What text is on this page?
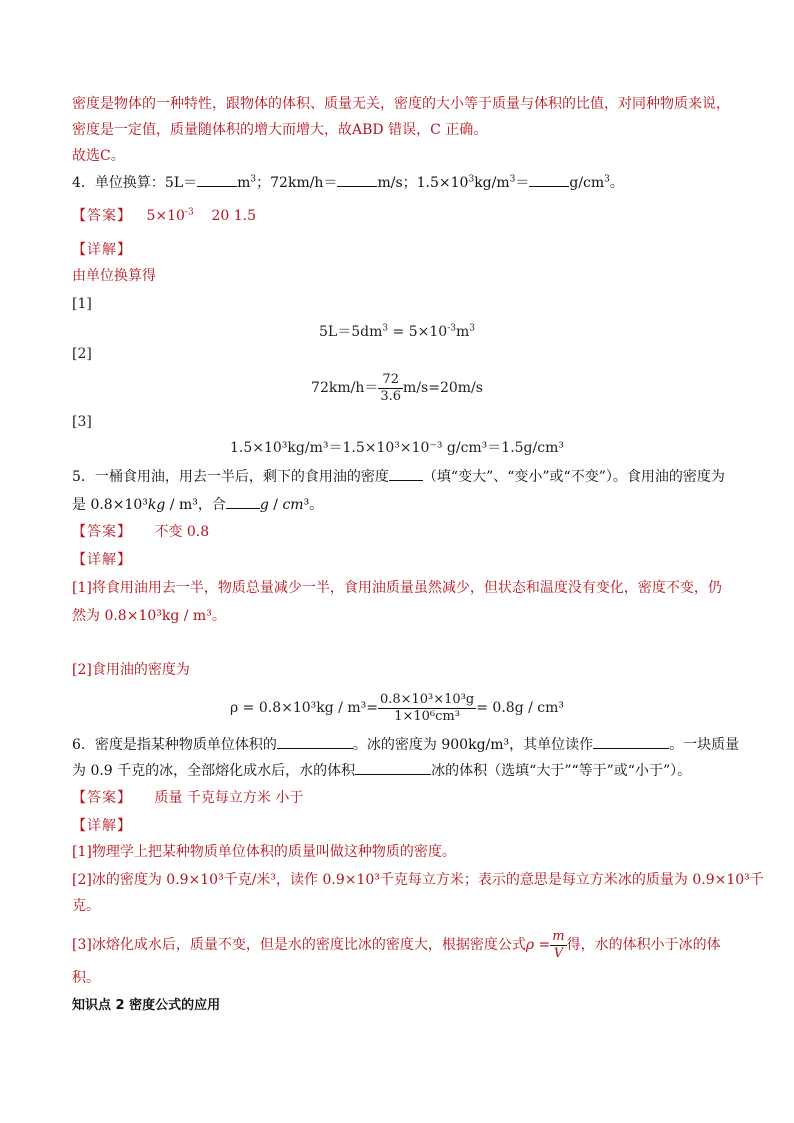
密度是物体的一种特性，跟物体的体积、质量无关，密度的大小等于质量与体积的比值，对同种物质来说，
密度是一定值，质量随体积的增大而增大，故ABD 错误，C 正确。
故选C。
4．单位换算：5L＝	$m^3$；72km/h＝	m/s；$1.5\times 10^3kg/m^3=$	$g/cm^3$。
【答案】 $5\times 10^{-3}$ 20 1.5
【详解】
由单位换算得
[1]
$5L=5dm^3 = 5\times 10^{-3}m^3$
[2]
$72km/h= \frac{72}{3.6} m/s=20m/s$
[3]
1.5×10³kg/m³＝1.5×10³×10⁻³ g/cm³＝1.5g/cm³
5．一桶食用油，用去一半后，剩下的食用油的密度 （填“变大”、“变小”或“不变”）。食用油的密度为
是 0.8×10³kg / m³，合 g / cm³。
【答案】 不变 0.8
【详解】
[1]将食用油用去一半，物质总量减少一半，食用油质量虽然减少，但状态和温度没有变化，密度不变，仍
然为 0.8×10³kg / m³。
[2]食用油的密度为
$\rho = 0.8\times 10^3kg / m^3= \frac{\text{0.8×10³×10³g}}{\text{1×10⁶cm³}} = 0.8g / cm^3$
6．密度是指某种物质单位体积的	。冰的密度为 900kg/m³，其单位读作	。一块质量
为 0.9 千克的冰，全部熔化成水后，水的体积	冰的体积（选填“大于”“等于”或“小于”）。
【答案】 质量 千克每立方米 小于
【详解】
[1]物理学上把某种物质单位体积的质量叫做这种物质的密度。
[2]冰的密度为 0.9×10³千克/米³，读作 0.9×10³千克每立方米；表示的意思是每立方米冰的质量为 0.9×10³千
克。
[3]冰熔化成水后，质量不变，但是水的密度比冰的密度大，根据密度公式$\rho = \frac{m}{V}$ 得，水的体积小于冰的体
积。
知识点 2 密度公式的应用
